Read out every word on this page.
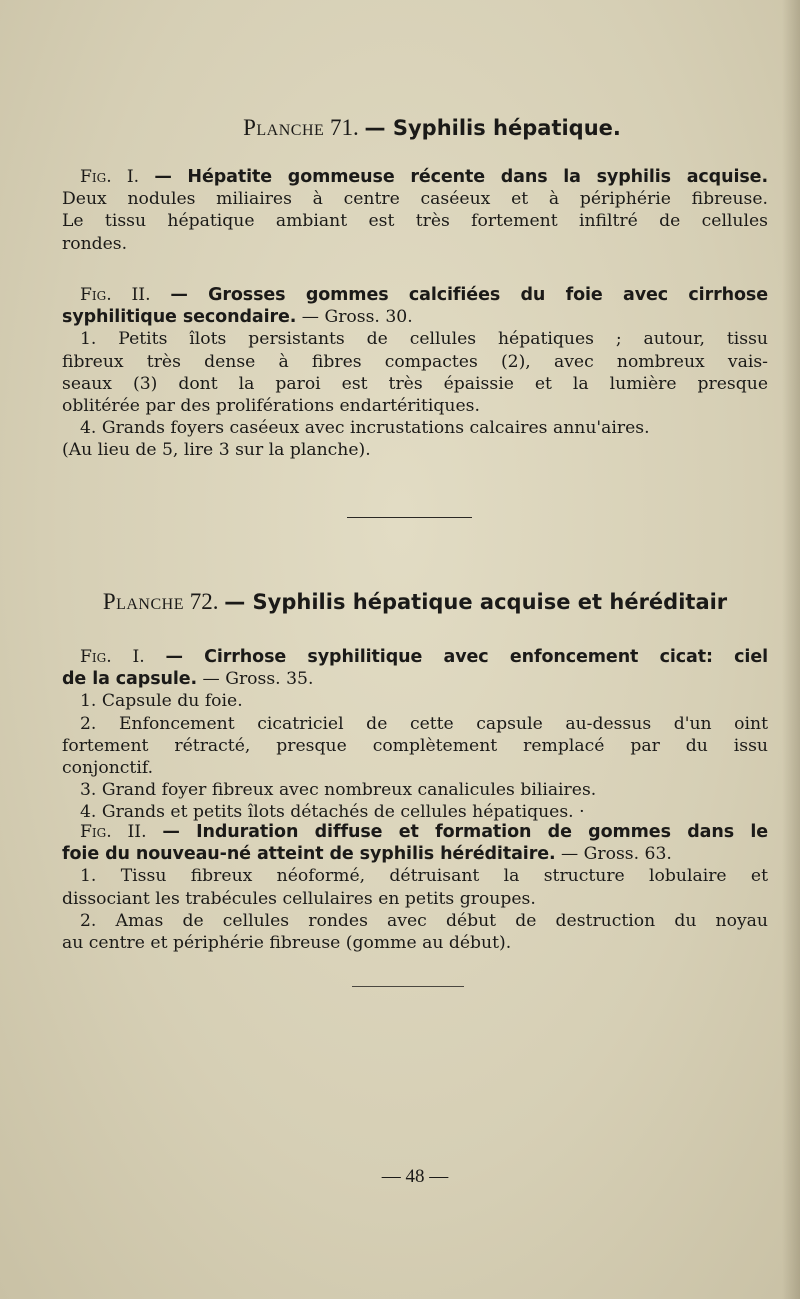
Planche 71. — Syphilis hépatique.
Fig. I. — Hépatite gommeuse récente dans la syphilis acquise.
Deux nodules miliaires à centre caséeux et à périphérie fibreuse.
Le tissu hépatique ambiant est très fortement infiltré de cellules
rondes.
Fig. II. — Grosses gommes calcifiées du foie avec cirrhose
syphilitique secondaire. — Gross. 30.
1. Petits îlots persistants de cellules hépatiques ; autour, tissu
fibreux très dense à fibres compactes (2), avec nombreux vais-
seaux (3) dont la paroi est très épaissie et la lumière presque
oblitérée par des proliférations endartéritiques.
4. Grands foyers caséeux avec incrustations calcaires annu'aires.
(Au lieu de 5, lire 3 sur la planche).
Planche 72. — Syphilis hépatique acquise et héréditair
Fig. I. — Cirrhose syphilitique avec enfoncement cicat: ciel
de la capsule. — Gross. 35.
1. Capsule du foie.
2. Enfoncement cicatriciel de cette capsule au-dessus d'un oint
fortement rétracté, presque complètement remplacé par du issu
conjonctif.
3. Grand foyer fibreux avec nombreux canalicules biliaires.
4. Grands et petits îlots détachés de cellules hépatiques. ·
Fig. II. — Induration diffuse et formation de gommes dans le
foie du nouveau-né atteint de syphilis héréditaire. — Gross. 63.
1. Tissu fibreux néoformé, détruisant la structure lobulaire et
dissociant les trabécules cellulaires en petits groupes.
2. Amas de cellules rondes avec début de destruction du noyau
au centre et périphérie fibreuse (gomme au début).
— 48 —
